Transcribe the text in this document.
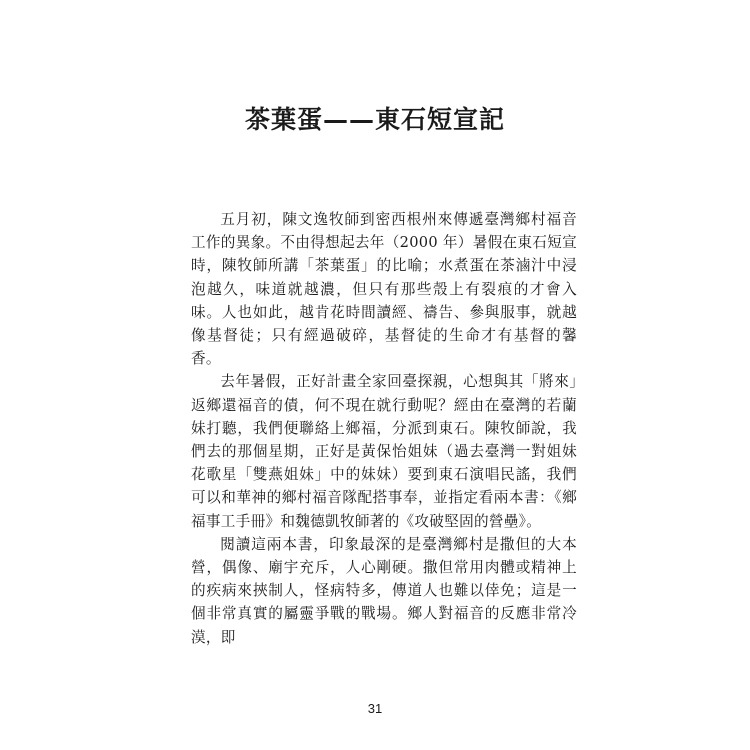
茶葉蛋——東石短宣記

五月初，陳文逸牧師到密西根州來傳遞臺灣鄉村福音工作的異象。不由得想起去年（2000 年）暑假在東石短宣時，陳牧師所講「茶葉蛋」的比喻；水煮蛋在茶滷汁中浸泡越久，味道就越濃，但只有那些殼上有裂痕的才會入味。人也如此，越肯花時間讀經、禱告、參與服事，就越像基督徒；只有經過破碎，基督徒的生命才有基督的馨香。

去年暑假，正好計畫全家回臺探親，心想與其「將來」返鄉還福音的債，何不現在就行動呢？經由在臺灣的若蘭妹打聽，我們便聯絡上鄉福，分派到東石。陳牧師說，我們去的那個星期，正好是黃保怡姐妹（過去臺灣一對姐妹花歌星「雙燕姐妹」中的妹妹）要到東石演唱民謠，我們可以和華神的鄉村福音隊配搭事奉，並指定看兩本書：《鄉福事工手冊》和魏德凱牧師著的《攻破堅固的營壘》。

閱讀這兩本書，印象最深的是臺灣鄉村是撒但的大本營，偶像、廟宇充斥，人心剛硬。撒但常用肉體或精神上的疾病來挾制人，怪病特多，傳道人也難以倖免；這是一個非常真實的屬靈爭戰的戰場。鄉人對福音的反應非常冷漠，即

31
